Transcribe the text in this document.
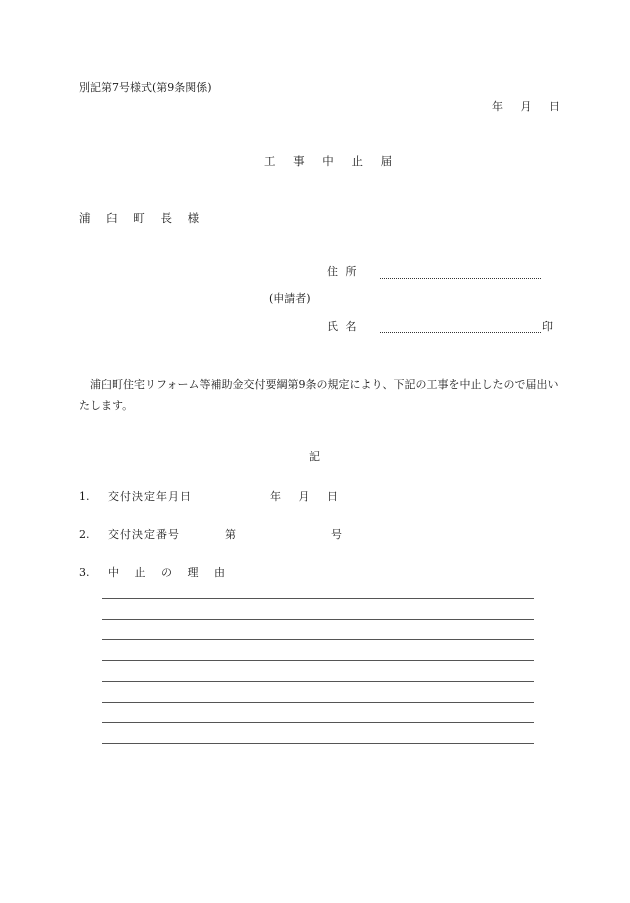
別記第7号様式(第9条関係)
年 月 日
工 事 中 止 届
浦 臼 町 長 様
住 所
(申請者)
氏 名	印
浦臼町住宅リフォーム等補助金交付要綱第9条の規定により、下記の工事を中止したので届出いたします。
記
1. 交付決定年月日	年 月 日
2. 交付決定番号	第	号
3. 中 止 の 理 由
